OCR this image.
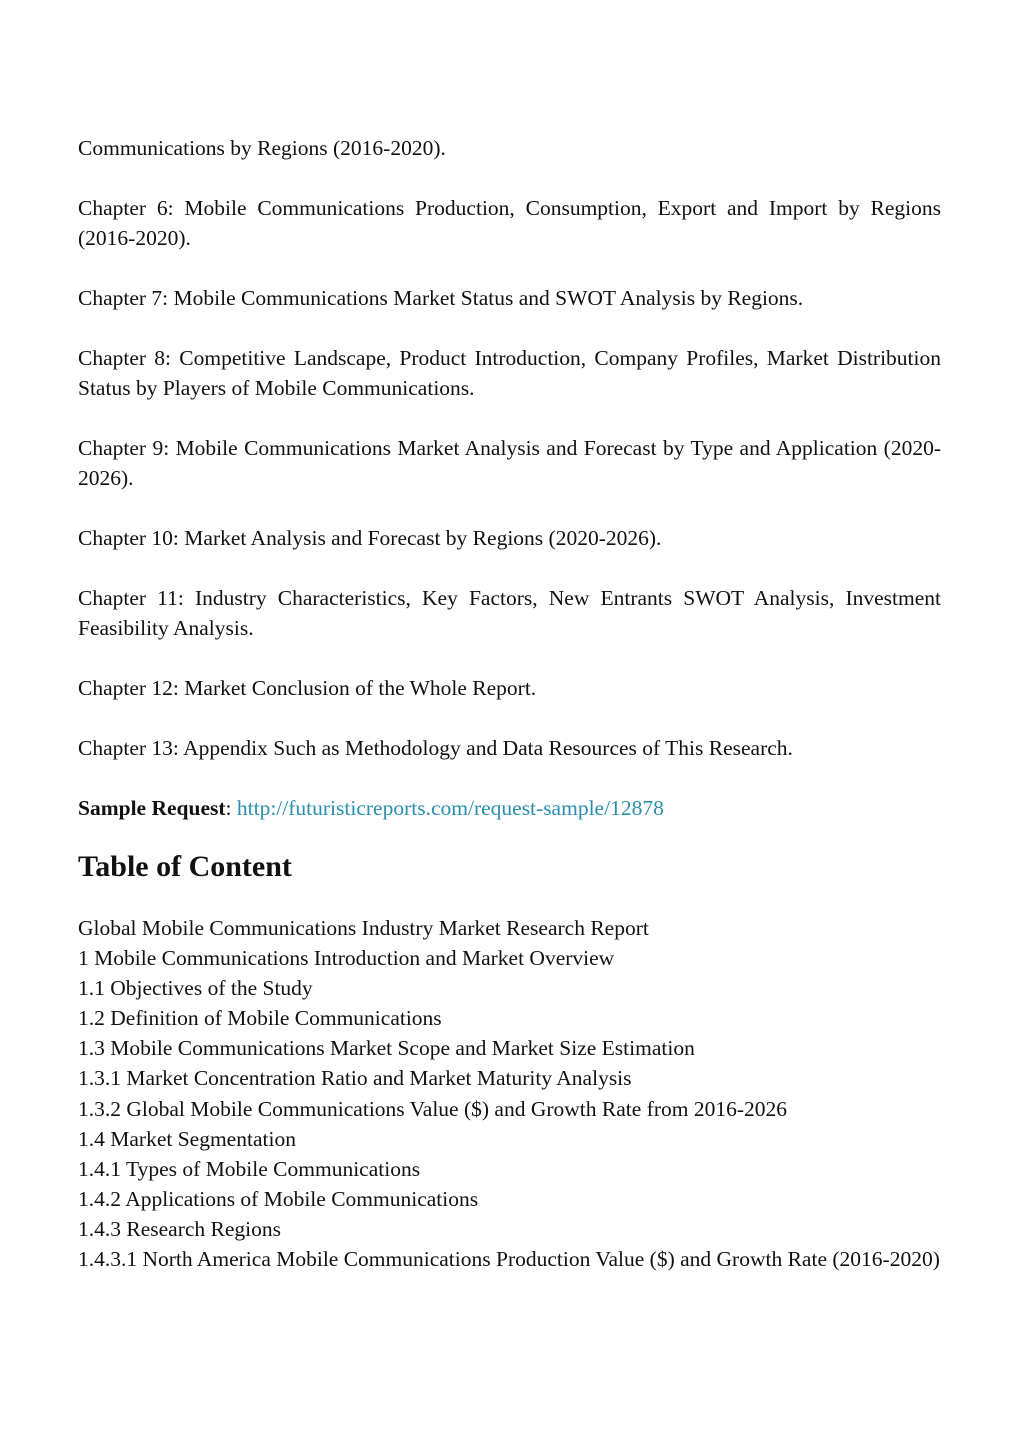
Communications by Regions (2016-2020).

Chapter 6: Mobile Communications Production, Consumption, Export and Import by Regions (2016-2020).

Chapter 7: Mobile Communications Market Status and SWOT Analysis by Regions.

Chapter 8: Competitive Landscape, Product Introduction, Company Profiles, Market Distribution Status by Players of Mobile Communications.

Chapter 9: Mobile Communications Market Analysis and Forecast by Type and Application (2020-2026).

Chapter 10: Market Analysis and Forecast by Regions (2020-2026).

Chapter 11: Industry Characteristics, Key Factors, New Entrants SWOT Analysis, Investment Feasibility Analysis.

Chapter 12: Market Conclusion of the Whole Report.

Chapter 13: Appendix Such as Methodology and Data Resources of This Research.

Sample Request: http://futuristicreports.com/request-sample/12878

Table of Content

Global Mobile Communications Industry Market Research Report

1 Mobile Communications Introduction and Market Overview

1.1 Objectives of the Study

1.2 Definition of Mobile Communications

1.3 Mobile Communications Market Scope and Market Size Estimation

1.3.1 Market Concentration Ratio and Market Maturity Analysis

1.3.2 Global Mobile Communications Value ($) and Growth Rate from 2016-2026

1.4 Market Segmentation

1.4.1 Types of Mobile Communications

1.4.2 Applications of Mobile Communications

1.4.3 Research Regions

1.4.3.1 North America Mobile Communications Production Value ($) and Growth Rate (2016-2020)
